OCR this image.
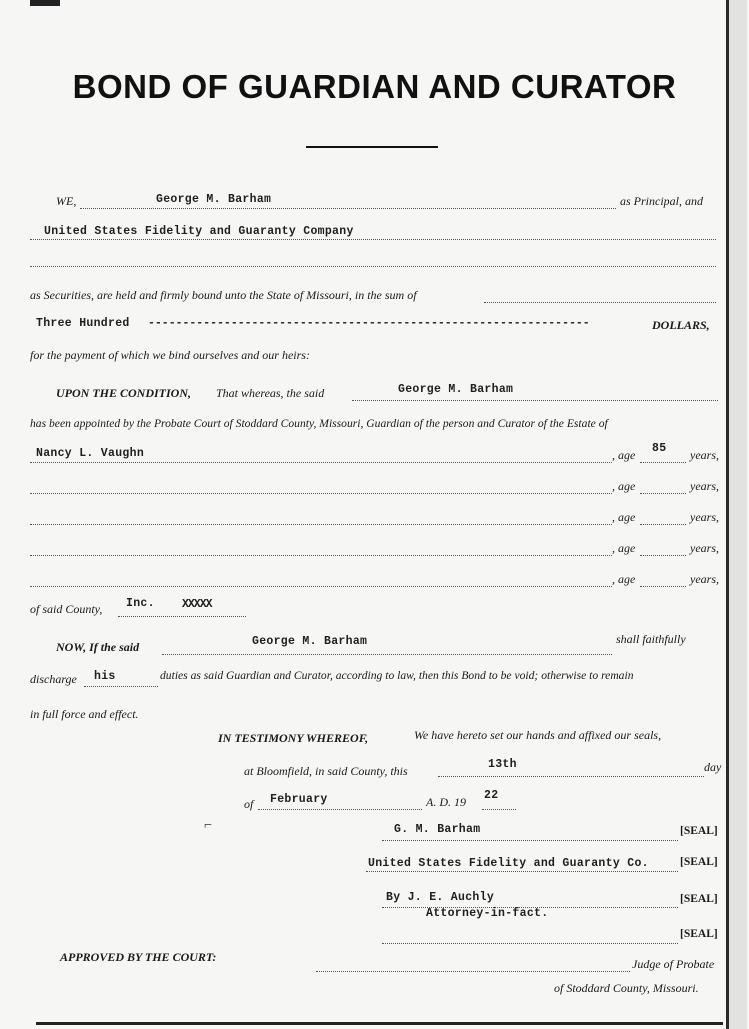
BOND OF GUARDIAN AND CURATOR
WE,	George M. Barham	as Principal, and
United States Fidelity and Guaranty Company
as Securities, are held and firmly bound unto the State of Missouri, in the sum of
Three Hundred ----------------------------------------------------------------	DOLLARS,
for the payment of which we bind ourselves and our heirs:
UPON THE CONDITION, That whereas, the said	George M. Barham
has been appointed by the Probate Court of Stoddard County, Missouri, Guardian of the person and Curator of the Estate of
Nancy L. Vaughn	, age 85 years,
, age	years,
, age	years,
, age	years,
, age	years,
of said County, Inc. XXXXX
NOW, If the said	George M. Barham	shall faithfully
discharge his	duties as said Guardian and Curator, according to law, then this Bond to be void; otherwise to remain
in full force and effect.
IN TESTIMONY WHEREOF,	We have hereto set our hands and affixed our seals,
at Bloomfield, in said County, this	13th	day
of February	A. D. 19 22
⌐	G. M. Barham	[SEAL]
United States Fidelity and Guaranty Co.	[SEAL]
By J. E. Auchly	[SEAL]
Attorney-in-fact.
[SEAL]
APPROVED BY THE COURT:	Judge of Probate
of Stoddard County, Missouri.
